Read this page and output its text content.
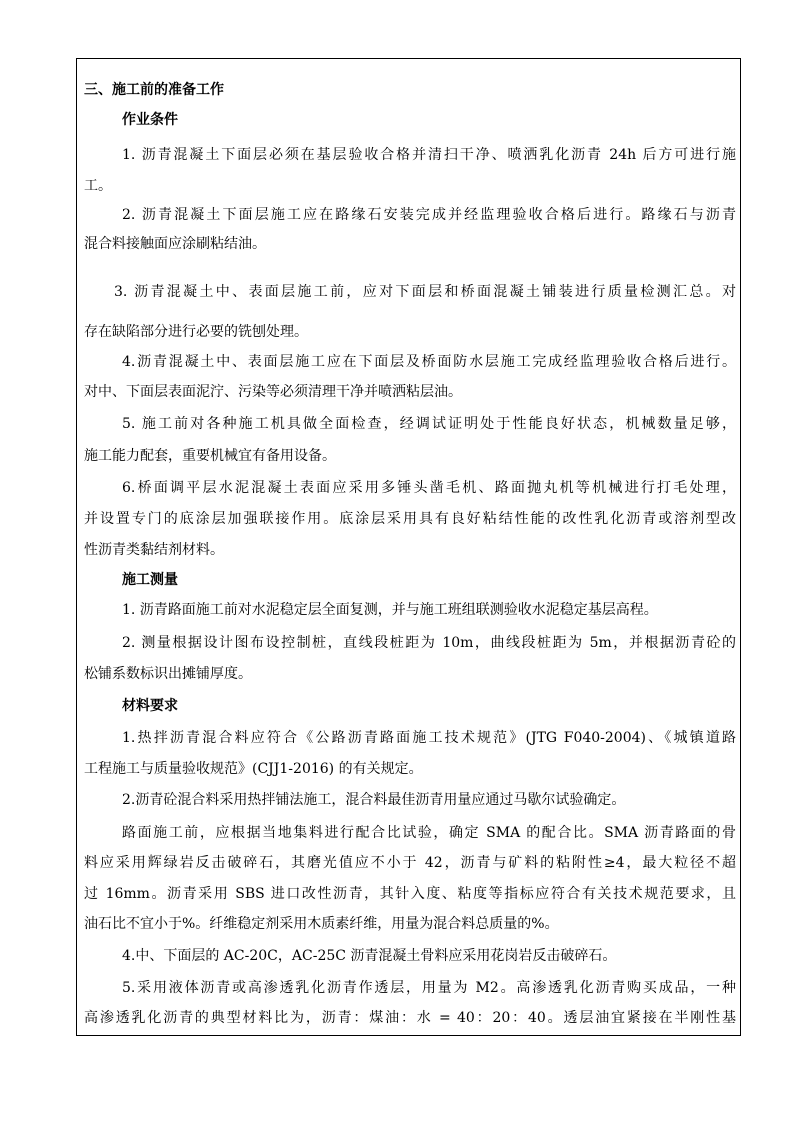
三、施工前的准备工作
作业条件
1. 沥青混凝土下面层必须在基层验收合格并清扫干净、喷洒乳化沥青 24h 后方可进行施
工。
2. 沥青混凝土下面层施工应在路缘石安装完成并经监理验收合格后进行。路缘石与沥青
混合料接触面应涂刷粘结油。
3. 沥青混凝土中、表面层施工前，应对下面层和桥面混凝土铺装进行质量检测汇总。对
存在缺陷部分进行必要的铣刨处理。
4.沥青混凝土中、表面层施工应在下面层及桥面防水层施工完成经监理验收合格后进行。
对中、下面层表面泥泞、污染等必须清理干净并喷洒粘层油。
5. 施工前对各种施工机具做全面检查，经调试证明处于性能良好状态，机械数量足够，
施工能力配套，重要机械宜有备用设备。
6.桥面调平层水泥混凝土表面应采用多锤头凿毛机、路面抛丸机等机械进行打毛处理，
并设置专门的底涂层加强联接作用。底涂层采用具有良好粘结性能的改性乳化沥青或溶剂型改
性沥青类黏结剂材料。
施工测量
1. 沥青路面施工前对水泥稳定层全面复测，并与施工班组联测验收水泥稳定基层高程。
2. 测量根据设计图布设控制桩，直线段桩距为 10m，曲线段桩距为 5m，并根据沥青砼的
松铺系数标识出摊铺厚度。
材料要求
1.热拌沥青混合料应符合《公路沥青路面施工技术规范》(JTG F040-2004)、《城镇道路
工程施工与质量验收规范》(CJJ1-2016) 的有关规定。
2.沥青砼混合料采用热拌铺法施工，混合料最佳沥青用量应通过马歇尔试验确定。
路面施工前，应根据当地集料进行配合比试验，确定 SMA 的配合比。SMA 沥青路面的骨
料应采用辉绿岩反击破碎石，其磨光值应不小于 42，沥青与矿料的粘附性≥4，最大粒径不超
过 16mm。沥青采用 SBS 进口改性沥青，其针入度、粘度等指标应符合有关技术规范要求，且
油石比不宜小于%。纤维稳定剂采用木质素纤维，用量为混合料总质量的%。
4.中、下面层的 AC-20C，AC-25C 沥青混凝土骨料应采用花岗岩反击破碎石。
5.采用液体沥青或高渗透乳化沥青作透层，用量为 M2。高渗透乳化沥青购买成品，一种
高渗透乳化沥青的典型材料比为，沥青：煤油：水 = 40：20：40。透层油宜紧接在半刚性基
